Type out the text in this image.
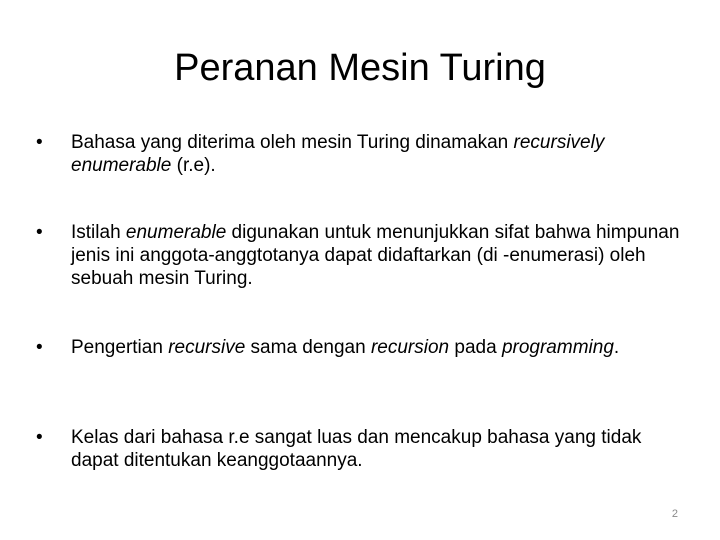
Peranan Mesin Turing
•	Bahasa yang diterima oleh mesin Turing dinamakan recursively enumerable (r.e).
•	Istilah enumerable digunakan untuk menunjukkan sifat bahwa himpunan jenis ini anggota-anggtotanya dapat didaftarkan (di -enumerasi) oleh sebuah mesin Turing.
•	Pengertian recursive sama dengan recursion pada programming.
•	Kelas dari bahasa r.e sangat luas dan mencakup bahasa yang tidak dapat ditentukan keanggotaannya.
2
